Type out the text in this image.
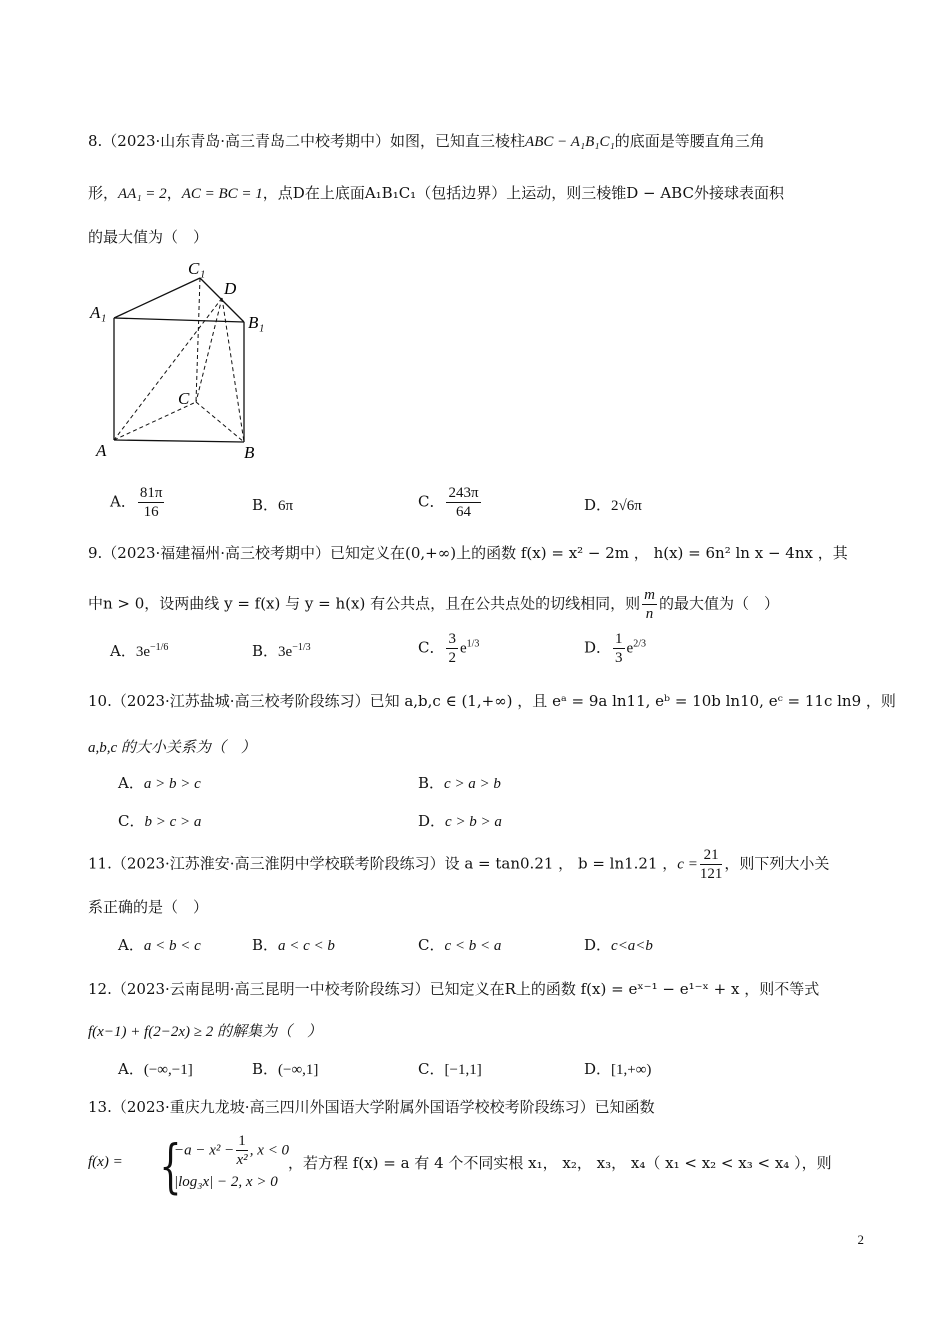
8.（2023·山东青岛·高三青岛二中校考期中）如图，已知直三棱柱ABC − A₁B₁C₁的底面是等腰直角三角
形，AA₁ = 2，AC = BC = 1，点D在上底面A₁B₁C₁（包括边界）上运动，则三棱锥D − ABC外接球表面积
的最大值为（　）
C₁
D
A₁
B₁
C
A	B
A． $\frac{81\pi}{16}$	B．6π	C． $\frac{243\pi}{64}$	D．2√6π
9.（2023·福建福州·高三校考期中）已知定义在(0,+∞)上的函数 f(x) = x² − 2m ， h(x) = 6n² ln x − 4nx ，其
中n > 0，设两曲线 y = f(x) 与 y = h(x) 有公共点，且在公共点处的切线相同，则 $\frac{m}{n}$ 的最大值为（　）
A．$3e^{-1/6}$	B．$3e^{-1/3}$	C． $\frac{3}{2} e^{1/3}$	D． $\frac{1}{3} e^{2/3}$
10.（2023·江苏盐城·高三校考阶段练习）已知 a,b,c ∈ (1,+∞) ，且 eᵃ = 9a ln11, eᵇ = 10b ln10, eᶜ = 11c ln9 ，则
a,b,c 的大小关系为（　）
A．a > b > c	B．c > a > b
C．b > c > a	D．c > b > a
11.（2023·江苏淮安·高三淮阴中学校联考阶段练习）设 a = tan0.21 ， b = ln1.21 ，$c = \frac{21}{121}$ ，则下列大小关
系正确的是（　）
A．a < b < c	B．a < c < b	C．c < b < a	D．c<a<b
12.（2023·云南昆明·高三昆明一中校考阶段练习）已知定义在R上的函数 f(x) = eˣ⁻¹ − e¹⁻ˣ + x ，则不等式
f(x−1) + f(2−2x) ≥ 2 的解集为（　）
A．(−∞,−1]	B．(−∞,1]	C．[−1,1]	D．[1,+∞)
13.（2023·重庆九龙坡·高三四川外国语大学附属外国语学校校考阶段练习）已知函数
f(x) = {
$-a - x^2 - \frac{1}{\text{x²}}$ , x < 0
|log₃x| − 2, x > 0
，若方程 f(x) = a 有 4 个不同实根 x₁， x₂， x₃， x₄（ x₁ < x₂ < x₃ < x₄ ），则
2
